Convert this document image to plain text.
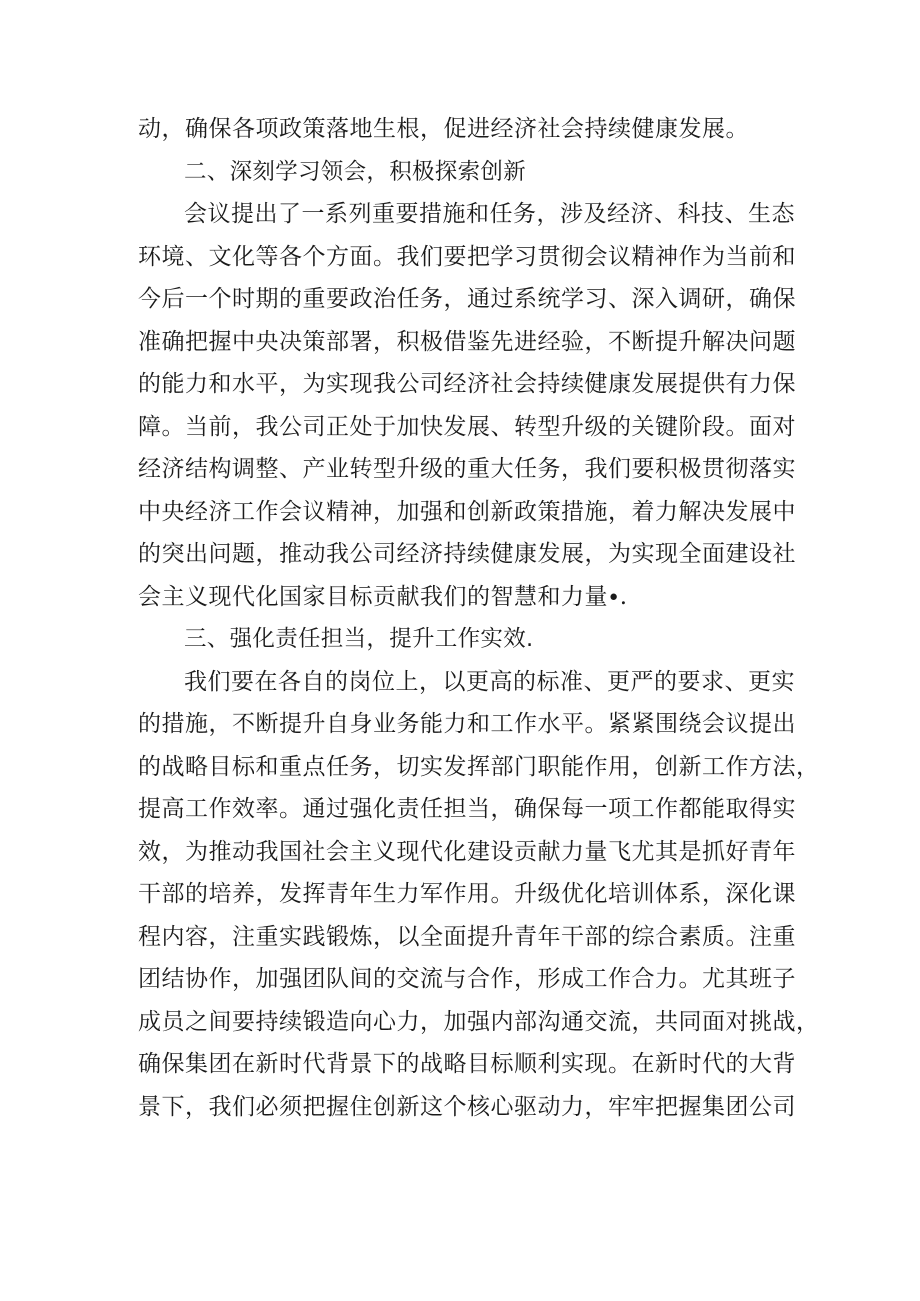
动，确保各项政策落地生根，促进经济社会持续健康发展。
二、深刻学习领会，积极探索创新
会议提出了一系列重要措施和任务，涉及经济、科技、生态
环境、文化等各个方面。我们要把学习贯彻会议精神作为当前和
今后一个时期的重要政治任务，通过系统学习、深入调研，确保
准确把握中央决策部署，积极借鉴先进经验，不断提升解决问题
的能力和水平，为实现我公司经济社会持续健康发展提供有力保
障。当前，我公司正处于加快发展、转型升级的关键阶段。面对
经济结构调整、产业转型升级的重大任务，我们要积极贯彻落实
中央经济工作会议精神，加强和创新政策措施，着力解决发展中
的突出问题，推动我公司经济持续健康发展，为实现全面建设社
会主义现代化国家目标贡献我们的智慧和力量∙.
三、强化责任担当，提升工作实效.
我们要在各自的岗位上，以更高的标准、更严的要求、更实
的措施，不断提升自身业务能力和工作水平。紧紧围绕会议提出
的战略目标和重点任务，切实发挥部门职能作用，创新工作方法，
提高工作效率。通过强化责任担当，确保每一项工作都能取得实
效，为推动我国社会主义现代化建设贡献力量飞尤其是抓好青年
干部的培养，发挥青年生力军作用。升级优化培训体系，深化课
程内容，注重实践锻炼，以全面提升青年干部的综合素质。注重
团结协作，加强团队间的交流与合作，形成工作合力。尤其班子
成员之间要持续锻造向心力，加强内部沟通交流，共同面对挑战，
确保集团在新时代背景下的战略目标顺利实现。在新时代的大背
景下，我们必须把握住创新这个核心驱动力，牢牢把握集团公司
